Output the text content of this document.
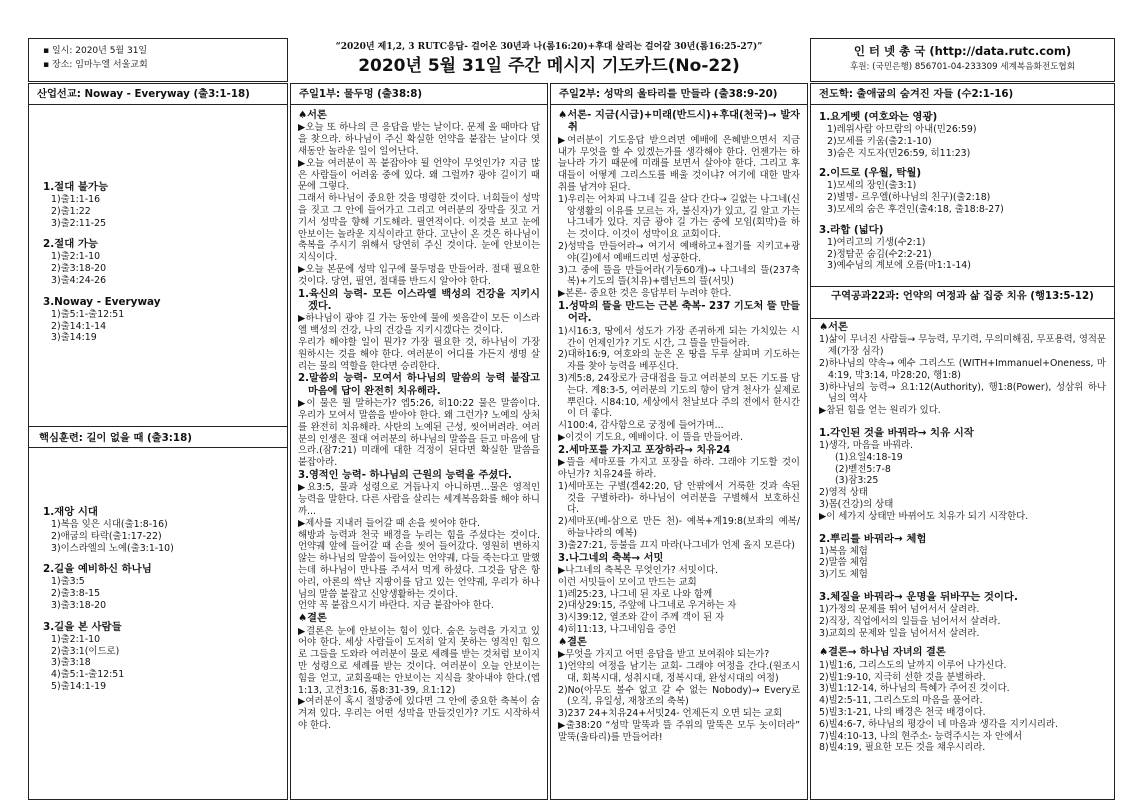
▪ 일시: 2020년 5월 31일
▪ 장소: 임마누엘 서울교회
“2020년 제1,2, 3 RUTC응답- 걸어온 30년과 나(롬16:20)+후대 살리는 걸어갈 30년(롬16:25-27)”
2020년 5월 31일 주간 메시지 기도카드(No-22)
인 터 넷 총 국 (http://data.rutc.com)
후원: (국민은행) 856701-04-233309 세계복음화전도협회
산업선교: Noway - Everyway (출3:1-18)
1.절대 불가능
1)출1:1-16
2)출1:22
3)출2:11-25
2.절대 가능
1)출2:1-10
2)출3:18-20
3)출4:24-26
3.Noway - Everyway
1)출5:1-출12:51
2)출14:1-14
3)출14:19
핵심훈련: 길이 없을 때 (출3:18)
1.재앙 시대
1)복음 잊은 시대(출1:8-16)
2)애굽의 타락(출1:17-22)
3)이스라엘의 노예(출3:1-10)
2.길을 예비하신 하나님
1)출3:5
2)출3:8-15
3)출3:18-20
3.길을 본 사람들
1)출2:1-10
2)출3:1(이드로)
3)출3:18
4)출5:1-출12:51
5)출14:1-19
주일1부: 물두멍 (출38:8)
♠서론
▶오늘 또 하나의 큰 응답을 받는 날이다. 문제 올 때마다 답을 찾으라. 하나님이 주신 확실한 언약을 붙잡는 날이다 엿새동안 놀라운 일이 일어난다.
▶오늘 여러분이 꼭 붙잡아야 될 언약이 무엇인가? 지금 많은 사람들이 어려움 중에 있다. 왜 그럴까? 광야 길이기 때문에 그렇다.
그래서 하나님이 중요한 것을 명령한 것이다. 너희들이 성막을 짓고 그 안에 들어가고 그리고 여러분의 장막을 짓고 거기서 성막을 향해 기도해라. 필연적이다. 이것을 보고 눈에 안보이는 놀라운 지식이라고 한다. 고난이 온 것은 하나님이 축복을 주시기 위해서 당연히 주신 것이다. 눈에 안보이는 지식이다.
▶오늘 본문에 성막 입구에 물두멍을 만들어라. 절대 필요한 것이다. 당연, 필연, 절대를 반드시 알아야 한다.
1.육신의 능력- 모든 이스라엘 백성의 건강을 지키시겠다.
▶하나님이 광야 길 가는 동안에 물에 씻음같이 모든 이스라엘 백성의 건강, 나의 건강을 지키시겠다는 것이다.
우리가 해야할 일이 뭔가? 가장 필요한 것, 하나님이 가장 원하시는 것을 해야 한다. 여러분이 어디를 가든지 생명 살리는 물의 역할을 한다면 승리한다.
2.말씀의 능력- 모여서 하나님의 말씀의 능력 붙잡고 마음에 답이 완전히 치유해라.
▶이 물은 뭘 말하는가? 엡5:26, 히10:22 물은 말씀이다. 우리가 모여서 말씀을 받아야 한다. 왜 그런가? 노예의 상처를 완전히 치유해라. 사탄의 노예된 근성, 씻어버려라. 여러분의 인생은 절대 여러분의 하나님의 말씀을 듣고 마음에 담으라.(잠7:21) 미래에 대한 걱정이 된다면 확실한 말씀을 붙잡아라.
3.영적인 능력- 하나님의 근원의 능력을 주셨다.
▶요3:5, 물과 성령으로 거듭나지 아니하면...물은 영적인 능력을 말한다. 다른 사람을 살리는 세계복음화를 해야 하니까...
▶제사를 지내러 들어갈 때 손을 씻어야 한다.
해방과 능력과 천국 배경을 누리는 힘을 주셨다는 것이다. 언약궤 앞에 들어갈 때 손을 씻어 들어갔다. 영원히 변하지 않는 하나님의 말씀이 들어있는 언약궤, 다들 죽는다고 말했는데 하나님이 만나를 주셔서 먹게 하셨다. 그것을 담은 항아리, 아론의 싹난 지팡이를 담고 있는 언약궤, 우리가 하나님의 말씀 붙잡고 신앙생활하는 것이다.
언약 꼭 붙잡으시기 바란다. 지금 붙잡아야 한다.
♠결론
▶결론은 눈에 안보이는 힘이 있다. 숨은 능력을 가지고 있어야 한다. 세상 사람들이 도저히 알지 못하는 영적인 힘으로 그들을 도와라 여러분이 물로 세례를 받는 것처럼 보이지만 성령으로 세례를 받는 것이다. 여러분이 오늘 안보이는 힘을 얻고, 교회올때는 안보이는 지식을 찾아내야 한다.(엡1:13, 고전3:16, 롬8:31-39, 요1:12)
▶여러분이 혹시 절망중에 있다면 그 안에 중요한 축복이 숨겨져 있다. 우리는 어떤 성막을 만들것인가? 기도 시작하셔야 한다.
주일2부: 성막의 울타리를 만들라 (출38:9-20)
♠서론- 지금(시급)+미래(반드시)+후대(천국)→ 발자취
▶여러분이 기도응답 받으려면 예배에 은혜받으면서 지금 내가 무엇을 할 수 있겠는가를 생각해야 한다. 언젠가는 하늘나라 가기 때문에 미래를 보면서 살아야 한다. 그리고 후대들이 어떻게 그리스도를 배울 것이냐? 여기에 대한 발자취를 남겨야 된다.
1)우리는 어차피 나그네 길을 살다 간다→ 길없는 나그네(신앙생활의 이유를 모르는 자, 불신자)가 있고, 길 알고 가는 나그네가 있다. 지금 광야 길 가는 중에 모임(회막)을 하는 것이다. 이것이 성막이요 교회이다.
2)성막을 만들어라→ 여기서 예배하고+절기를 지키고+광야(길)에서 예배드리면 성공한다.
3)그 중에 뜰을 만들어라(기둥60개)→ 나그네의 뜰(237축복)+기도의 뜰(치유)+렘넌트의 뜰(서밋)
▶본론- 중요한 것은 응답부터 누려야 한다.
1.성막의 뜰을 만드는 근본 축복- 237 기도처 뜰 만들어라.
1)시16:3, 땅에서 성도가 가장 존귀하게 되는 가치있는 시간이 언제인가? 기도 시간, 그 뜰을 만들어라.
2)대하16:9, 여호와의 눈은 온 땅을 두루 살피며 기도하는 자를 찾아 능력을 베푸신다.
3)계5:8, 24장로가 금대접을 들고 여러분의 모든 기도를 담는다. 계8:3-5, 여러분의 기도의 향이 담겨 천사가 실제로 뿌린다. 시84:10, 세상에서 천날보다 주의 전에서 한시간이 더 좋다.
시100:4, 감사함으로 궁정에 들어가며...
▶이것이 기도요, 예배이다. 이 뜰을 만들어라.
2.세마포를 가지고 포장하라→ 치유24
▶뜰을 세마포를 가지고 포장을 하라. 그래야 기도할 것이 아닌가? 치유24를 하라.
1)세마포는 구별(겔42:20, 담 안팎에서 거룩한 것과 속된 것을 구별하라)- 하나님이 여러분을 구별해서 보호하신다.
2)세마포(베-삼으로 만든 천)- 예복+계19:8(보좌의 예복/하늘나라의 예복)
3)출27:21, 등불을 끄지 마라(나그네가 언제 올지 모른다)
3.나그네의 축복→ 서밋
▶나그네의 축복은 무엇인가? 서밋이다.
이런 서밋들이 모이고 만드는 교회
1)레25:23, 나그네 된 자로 나와 함께
2)대상29:15, 주앞에 나그네로 우거하는 자
3)시39:12, 열조와 같이 주께 객이 된 자
4)히11:13, 나그네임을 증언
♠결론
▶무엇을 가지고 어떤 응답을 받고 보여줘야 되는가?
1)언약의 여정을 남기는 교회- 그래야 여정을 간다.(원조시대, 회복시대, 성취시대, 정복시대, 완성시대의 여정)
2)No(아무도 볼수 없고 갈 수 없는 Nobody)→ Every로(오직, 유일성, 재창조의 축복)
3)237 24+치유24+서밋24- 언제든지 오면 되는 교회
▶출38:20 “성막 말뚝과 뜰 주위의 말뚝은 모두 놋이더라” 말뚝(울타리)를 만들어라!
전도학: 출애굽의 숨겨진 자들 (수2:1-16)
1.요게벳 (여호와는 영광)
1)레위사람 아므람의 아내(민26:59)
2)모세를 키움(출2:1-10)
3)숨은 지도자(민26:59, 히11:23)
2.이드로 (우월, 탁월)
1)모세의 장인(출3:1)
2)별명- 르우엘(하나님의 친구)(출2:18)
3)모세의 숨은 후견인(출4:18, 출18:8-27)
3.라합 (넓다)
1)여리고의 기생(수2:1)
2)정탐꾼 숨김(수2:2-21)
3)예수님의 계보에 오름(마1:1-14)
구역공과22과: 언약의 여정과 삶 집중 치유 (행13:5-12)
♠서론
1)삶이 무너진 사람들→ 무능력, 무기력, 무의미해짐, 무포용력, 영적문제(가장 심각)
2)하나님의 약속→ 예수 그리스도 (WITH+Immanuel+Oneness, 마4:19, 막3:14, 마28:20, 행1:8)
3)하나님의 능력→ 요1:12(Authority), 행1:8(Power), 성삼위 하나님의 역사
▶참된 힘을 얻는 원리가 있다.
1.각인된 것을 바꿔라→ 치유 시작
1)생각, 마음을 바꿔라.
(1)요일4:18-19
(2)벧전5:7-8
(3)잠3:25
2)영적 상태
3)몸(건강)의 상태
▶이 세가지 상태만 바뀌어도 치유가 되기 시작한다.
2.뿌리를 바꿔라→ 체험
1)복음 체험
2)말씀 체험
3)기도 체험
3.체질을 바꿔라→ 운명을 뒤바꾸는 것이다.
1)가정의 문제를 뛰어 넘어서서 살려라.
2)직장, 직업에서의 일들을 넘어서서 살려라.
3)교회의 문제와 일을 넘어서서 살려라.
♠결론→ 하나님 자녀의 결론
1)빌1:6, 그리스도의 날까지 이루어 나가신다.
2)빌1:9-10, 지극히 선한 것을 분별하라.
3)빌1:12-14, 하나님의 특혜가 주어진 것이다.
4)빌2:5-11, 그리스도의 마음을 품어라.
5)빌3:1-21, 나의 배경은 천국 배경이다.
6)빌4:6-7, 하나님의 평강이 네 마음과 생각을 지키시리라.
7)빌4:10-13, 나의 현주소- 능력주시는 자 안에서
8)빌4:19, 필요한 모든 것을 채우시리라.
